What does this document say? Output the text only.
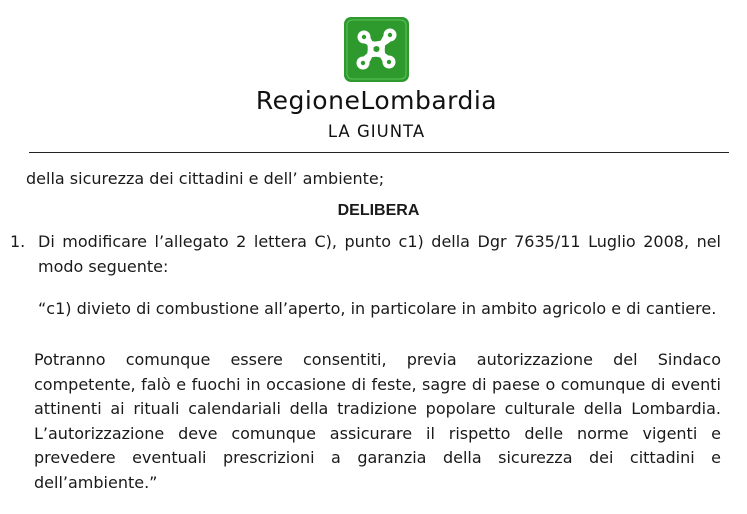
RegioneLombardia
LA GIUNTA
della sicurezza dei cittadini e dell’ ambiente;
DELIBERA
1. Di modificare l’allegato 2 lettera C), punto c1) della Dgr 7635/11 Luglio 2008, nel modo seguente:
“c1) divieto di combustione all’aperto, in particolare in ambito agricolo e di cantiere.
Potranno comunque essere consentiti, previa autorizzazione del Sindaco competente, falò e fuochi in occasione di feste, sagre di paese o comunque di eventi attinenti ai rituali calendariali della tradizione popolare culturale della Lombardia. L’autorizzazione deve comunque assicurare il rispetto delle norme vigenti e prevedere eventuali prescrizioni a garanzia della sicurezza dei cittadini e dell’ambiente.”
